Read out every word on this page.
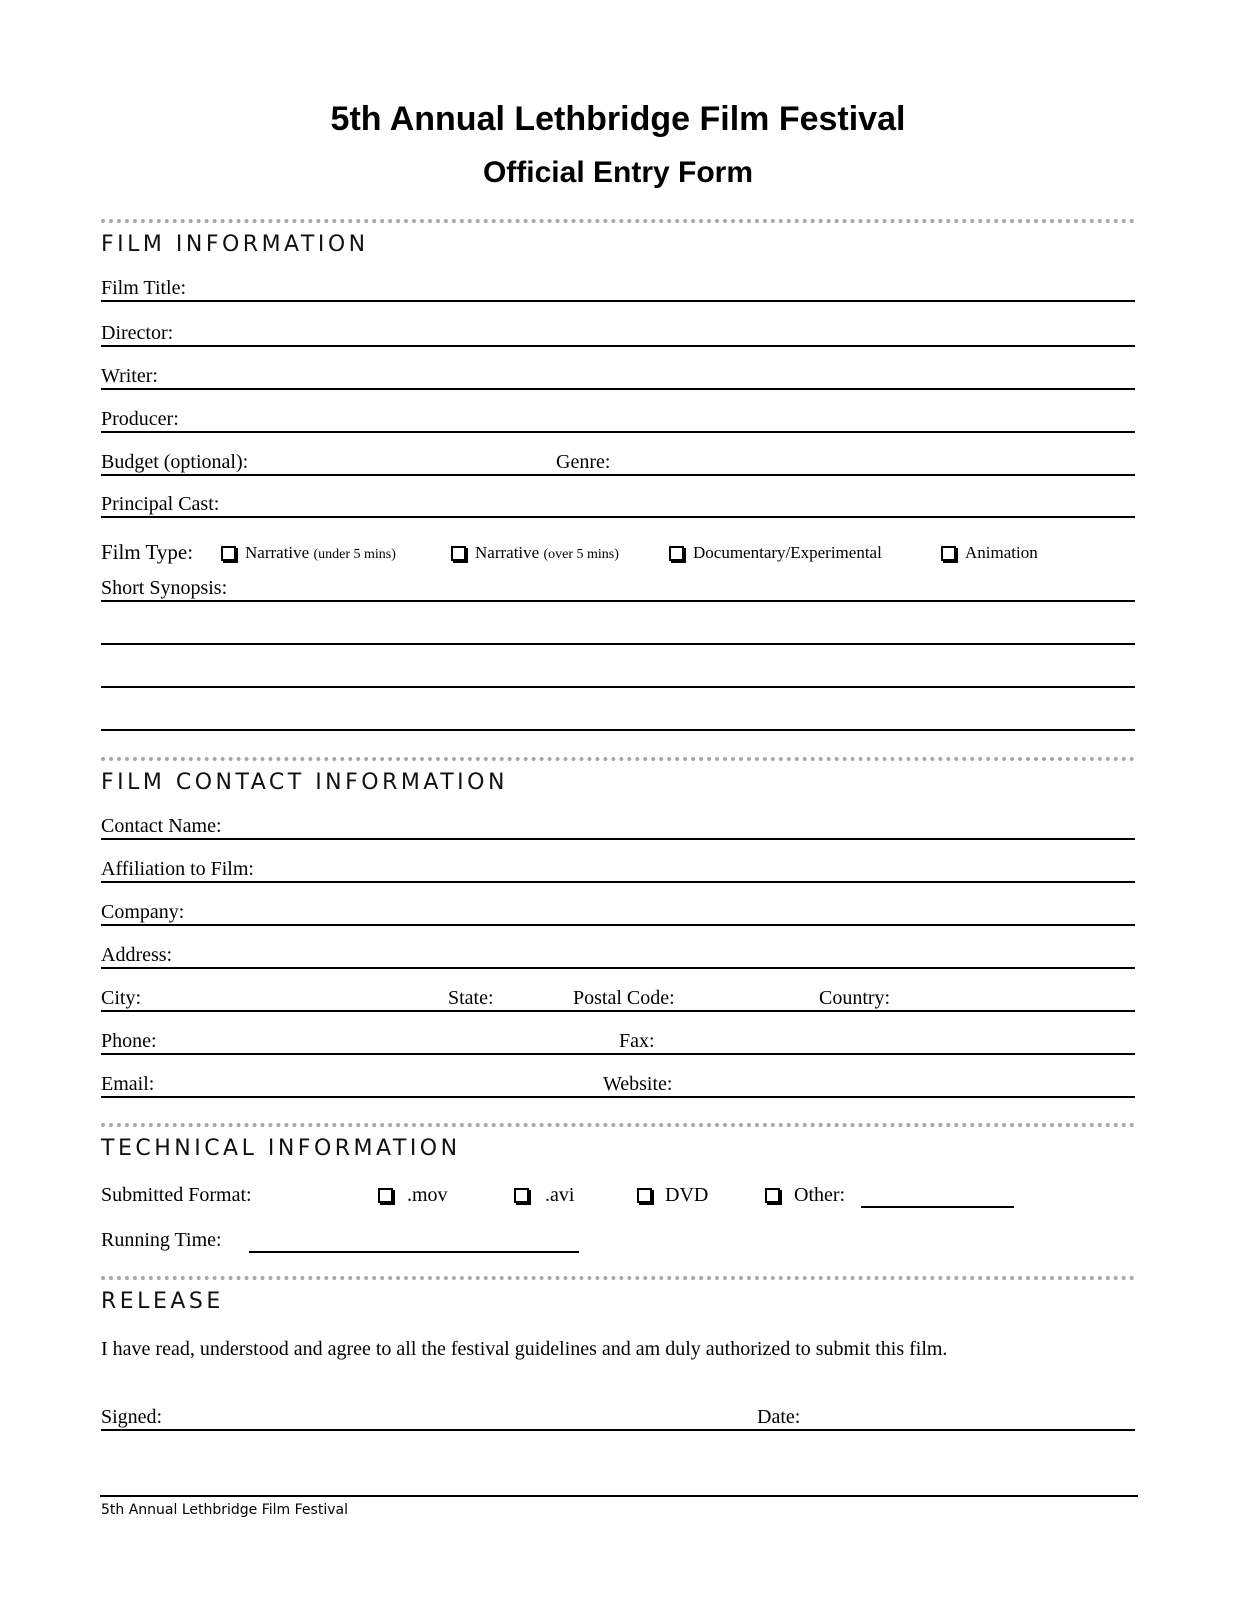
5th Annual Lethbridge Film Festival
Official Entry Form
FILM INFORMATION
Film Title:
Director:
Writer:
Producer:
Budget (optional):	Genre:
Principal Cast:
Film Type:	Narrative (under 5 mins)	Narrative (over 5 mins)	Documentary/Experimental	Animation
Short Synopsis:
FILM CONTACT INFORMATION
Contact Name:
Affiliation to Film:
Company:
Address:
City:	State:	Postal Code:	Country:
Phone:	Fax:
Email:	Website:
TECHNICAL INFORMATION
Submitted Format:	.mov	.avi	DVD	Other:
Running Time:
RELEASE
I have read, understood and agree to all the festival guidelines and am duly authorized to submit this film.
Signed:	Date:
5th Annual Lethbridge Film Festival
